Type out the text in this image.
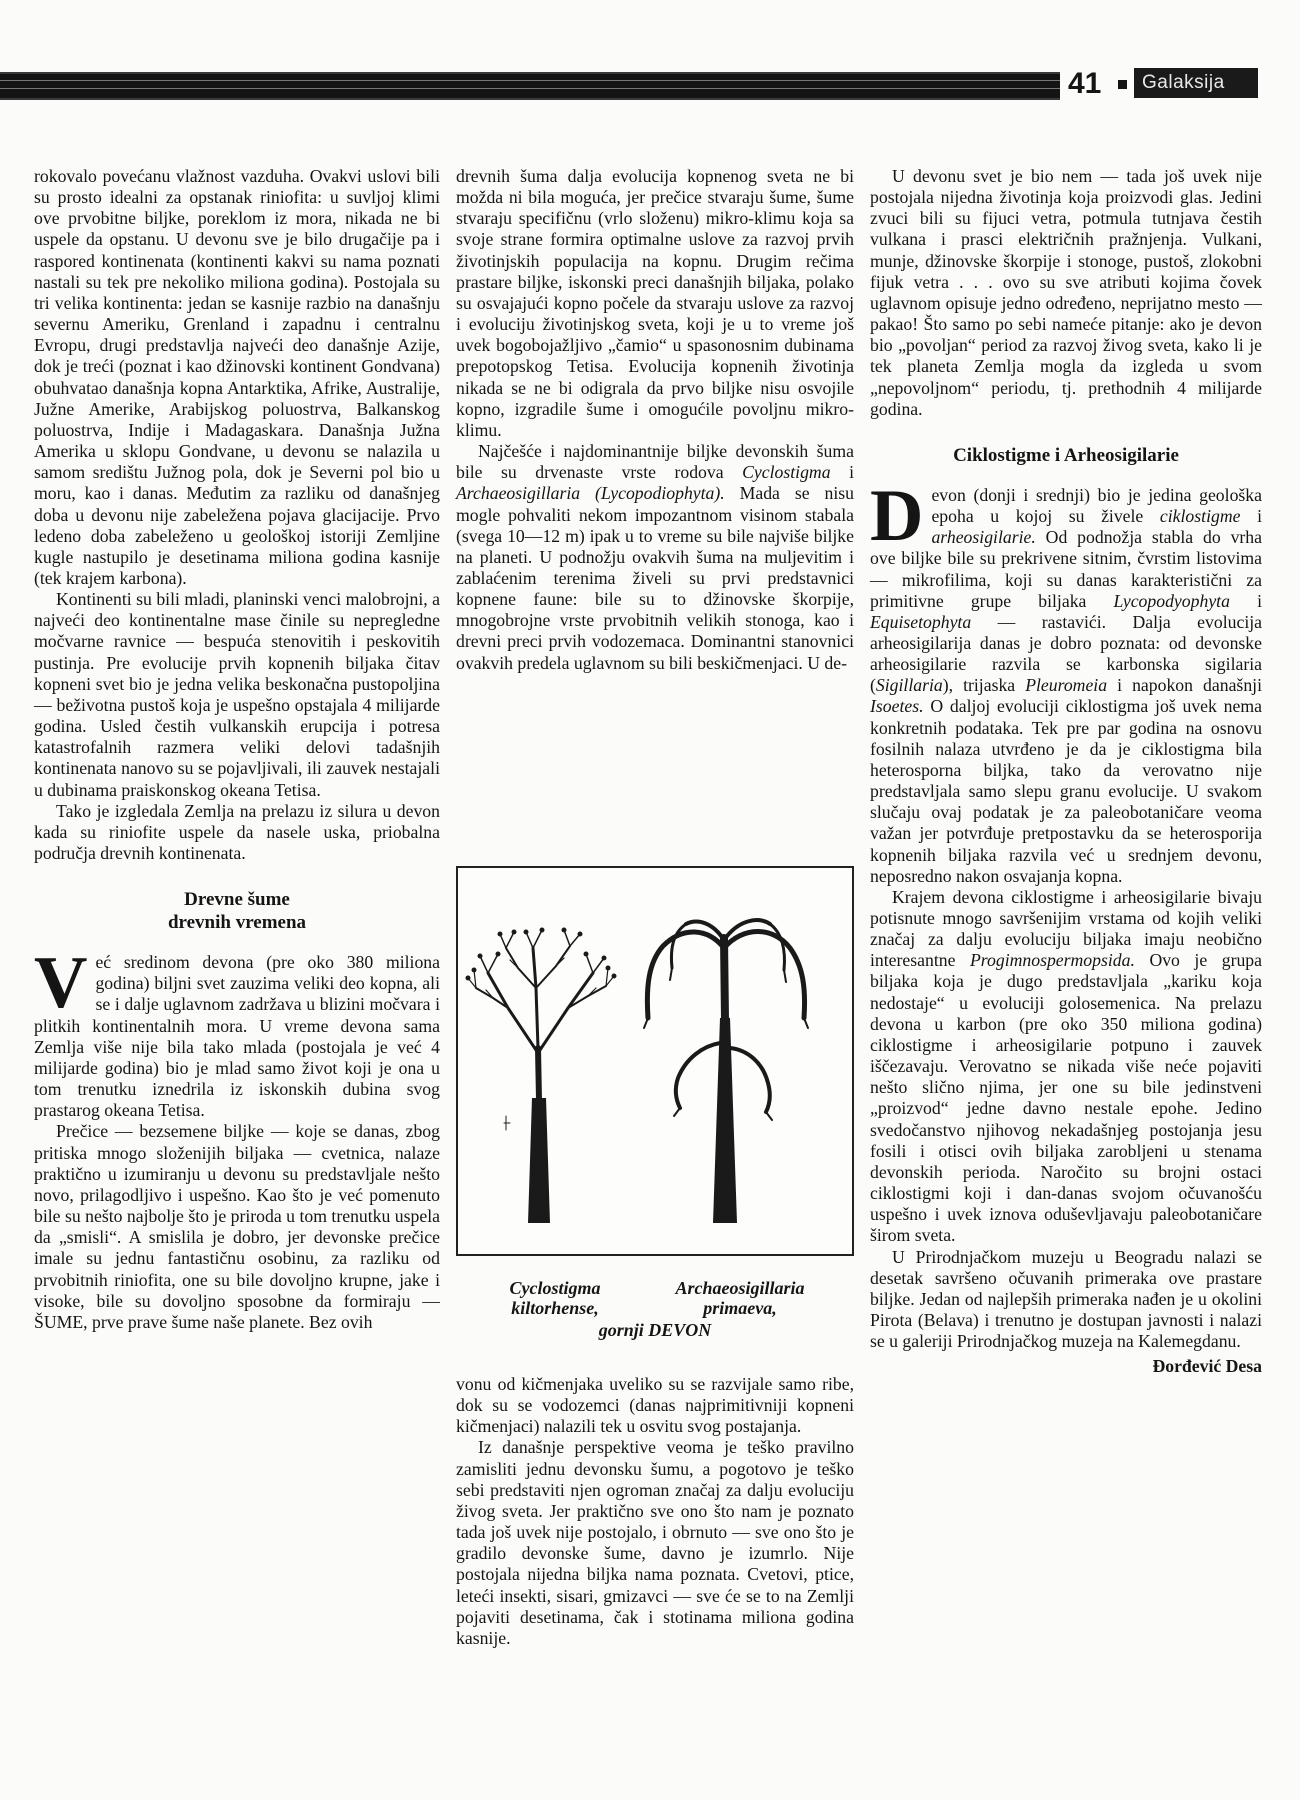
41	Galaksija

rokovalo povećanu vlažnost vazduha. Ovakvi uslovi bili su prosto idealni za opstanak riniofita: u suvljoj klimi ove prvobitne biljke, poreklom iz mora, nikada ne bi uspele da opstanu. U devonu sve je bilo drugačije pa i raspored kontinenata (kontinenti kakvi su nama poznati nastali su tek pre nekoliko miliona godina). Postojala su tri velika kontinenta: jedan se kasnije razbio na današnju severnu Ameriku, Grenland i zapadnu i centralnu Evropu, drugi predstavlja najveći deo današnje Azije, dok je treći (poznat i kao džinovski kontinent Gondvana) obuhvatao današnja kopna Antarktika, Afrike, Australije, Južne Amerike, Arabijskog poluostrva, Balkanskog poluostrva, Indije i Madagaskara. Današnja Južna Amerika u sklopu Gondvane, u devonu se nalazila u samom središtu Južnog pola, dok je Severni pol bio u moru, kao i danas. Međutim za razliku od današnjeg doba u devonu nije zabeležena pojava glacijacije. Prvo ledeno doba zabeleženo u geološkoj istoriji Zemljine kugle nastupilo je desetinama miliona godina kasnije (tek krajem karbona).

Kontinenti su bili mladi, planinski venci malobrojni, a najveći deo kontinentalne mase činile su nepregledne močvarne ravnice — bespuća stenovitih i peskovitih pustinja. Pre evolucije prvih kopnenih biljaka čitav kopneni svet bio je jedna velika beskonačna pustopoljina — beživotna pustoš koja je uspešno opstajala 4 milijarde godina. Usled čestih vulkanskih erupcija i potresa katastrofalnih razmera veliki delovi tadašnjih kontinenata nanovo su se pojavljivali, ili zauvek nestajali u dubinama praiskonskog okeana Tetisa.

Tako je izgledala Zemlja na prelazu iz silura u devon kada su riniofite uspele da nasele uska, priobalna područja drevnih kontinenata.

Drevne šume
drevnih vremena

Već sredinom devona (pre oko 380 miliona godina) biljni svet zauzima veliki deo kopna, ali se i dalje uglavnom zadržava u blizini močvara i plitkih kontinentalnih mora. U vreme devona sama Zemlja više nije bila tako mlada (postojala je već 4 milijarde godina) bio je mlad samo život koji je ona u tom trenutku iznedrila iz iskonskih dubina svog prastarog okeana Tetisa.

Prečice — bezsemene biljke — koje se danas, zbog pritiska mnogo složenijih biljaka — cvetnica, nalaze praktično u izumiranju u devonu su predstavljale nešto novo, prilagodljivo i uspešno. Kao što je već pomenuto bile su nešto najbolje što je priroda u tom trenutku uspela da „smisli“. A smislila je dobro, jer devonske prečice imale su jednu fantastičnu osobinu, za razliku od prvobitnih riniofita, one su bile dovoljno krupne, jake i visoke, bile su dovoljno sposobne da formiraju — ŠUME, prve prave šume naše planete. Bez ovih

drevnih šuma dalja evolucija kopnenog sveta ne bi možda ni bila moguća, jer prečice stvaraju šume, šume stvaraju specifičnu (vrlo složenu) mikro-klimu koja sa svoje strane formira optimalne uslove za razvoj prvih životinjskih populacija na kopnu. Drugim rečima prastare biljke, iskonski preci današnjih biljaka, polako su osvajajući kopno počele da stvaraju uslove za razvoj i evoluciju životinjskog sveta, koji je u to vreme još uvek bogobojažljivo „čamio“ u spasonosnim dubinama prepotopskog Tetisa. Evolucija kopnenih životinja nikada se ne bi odigrala da prvo biljke nisu osvojile kopno, izgradile šume i omogućile povoljnu mikro-klimu.

Najčešće i najdominantnije biljke devonskih šuma bile su drvenaste vrste rodova Cyclostigma i Archaeosigillaria (Lycopodiophyta). Mada se nisu mogle pohvaliti nekom impozantnom visinom stabala (svega 10—12 m) ipak u to vreme su bile najviše biljke na planeti. U podnožju ovakvih šuma na muljevitim i zablaćenim terenima živeli su prvi predstavnici kopnene faune: bile su to džinovske škorpije, mnogobrojne vrste prvobitnih velikih stonoga, kao i drevni preci prvih vodozemaca. Dominantni stanovnici ovakvih predela uglavnom su bili beskičmenjaci. U de-

Cyclostigma
kiltorhense,
Archaeosigillaria
primaeva,
gornji DEVON

vonu od kičmenjaka uveliko su se razvijale samo ribe, dok su se vodozemci (danas najprimitivniji kopneni kičmenjaci) nalazili tek u osvitu svog postajanja.

Iz današnje perspektive veoma je teško pravilno zamisliti jednu devonsku šumu, a pogotovo je teško sebi predstaviti njen ogroman značaj za dalju evoluciju živog sveta. Jer praktično sve ono što nam je poznato tada još uvek nije postojalo, i obrnuto — sve ono što je gradilo devonske šume, davno je izumrlo. Nije postojala nijedna biljka nama poznata. Cvetovi, ptice, leteći insekti, sisari, gmizavci — sve će se to na Zemlji pojaviti desetinama, čak i stotinama miliona godina kasnije.

U devonu svet je bio nem — tada još uvek nije postojala nijedna životinja koja proizvodi glas. Jedini zvuci bili su fijuci vetra, potmula tutnjava čestih vulkana i prasci električnih pražnjenja. Vulkani, munje, džinovske škorpije i stonoge, pustoš, zlokobni fijuk vetra . . . ovo su sve atributi kojima čovek uglavnom opisuje jedno određeno, neprijatno mesto — pakao! Što samo po sebi nameće pitanje: ako je devon bio „povoljan“ period za razvoj živog sveta, kako li je tek planeta Zemlja mogla da izgleda u svom „nepovoljnom“ periodu, tj. prethodnih 4 milijarde godina.

Ciklostigme i Arheosigilarie

Devon (donji i srednji) bio je jedina geološka epoha u kojoj su živele ciklostigme i arheosigilarie. Od podnožja stabla do vrha ove biljke bile su prekrivene sitnim, čvrstim listovima — mikrofilima, koji su danas karakteristični za primitivne grupe biljaka Lycopodyophyta i Equisetophyta — rastavići. Dalja evolucija arheosigilarija danas je dobro poznata: od devonske arheosigilarie razvila se karbonska sigilaria (Sigillaria), trijaska Pleuromeia i napokon današnji Isoetes. O daljoj evoluciji ciklostigma još uvek nema konkretnih podataka. Tek pre par godina na osnovu fosilnih nalaza utvrđeno je da je ciklostigma bila heterosporna biljka, tako da verovatno nije predstavljala samo slepu granu evolucije. U svakom slučaju ovaj podatak je za paleobotaničare veoma važan jer potvrđuje pretpostavku da se heterosporija kopnenih biljaka razvila već u srednjem devonu, neposredno nakon osvajanja kopna.

Krajem devona ciklostigme i arheosigilarie bivaju potisnute mnogo savršenijim vrstama od kojih veliki značaj za dalju evoluciju biljaka imaju neobično interesantne Progimnospermopsida. Ovo je grupa biljaka koja je dugo predstavljala „kariku koja nedostaje“ u evoluciji golosemenica. Na prelazu devona u karbon (pre oko 350 miliona godina) ciklostigme i arheosigilarie potpuno i zauvek iščezavaju. Verovatno se nikada više neće pojaviti nešto slično njima, jer one su bile jedinstveni „proizvod“ jedne davno nestale epohe. Jedino svedočanstvo njihovog nekadašnjeg postojanja jesu fosili i otisci ovih biljaka zarobljeni u stenama devonskih perioda. Naročito su brojni ostaci ciklostigmi koji i dan-danas svojom očuvanošću uspešno i uvek iznova oduševljavaju paleobotaničare širom sveta.

U Prirodnjačkom muzeju u Beogradu nalazi se desetak savršeno očuvanih primeraka ove prastare biljke. Jedan od najlepših primeraka nađen je u okolini Pirota (Belava) i trenutno je dostupan javnosti i nalazi se u galeriji Prirodnjačkog muzeja na Kalemegdanu.

Đorđević Desa
